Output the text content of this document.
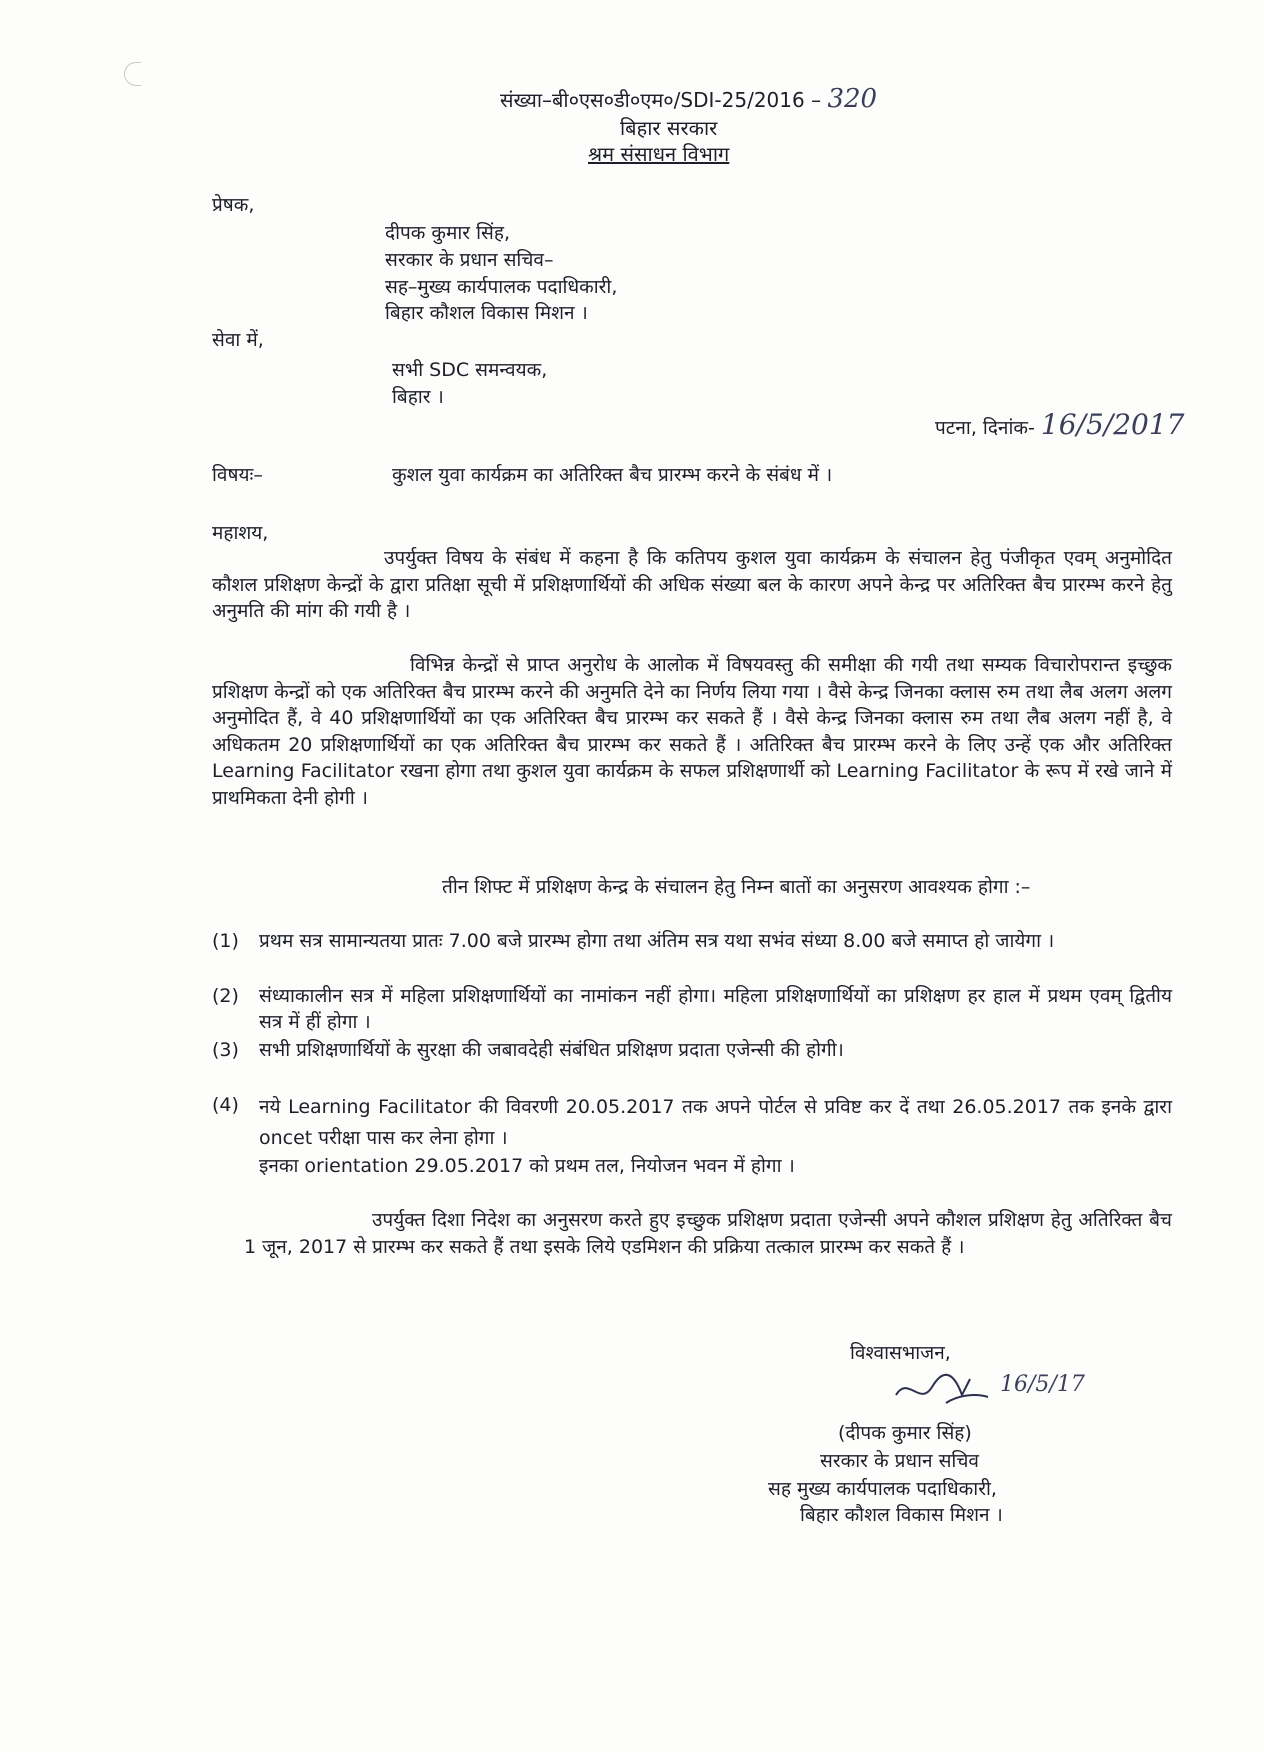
संख्या–बी०एस०डी०एम०/SDI-25/2016 – 320
बिहार सरकार
श्रम संसाधन विभाग
प्रेषक,
दीपक कुमार सिंह,
सरकार के प्रधान सचिव–
सह–मुख्य कार्यपालक पदाधिकारी,
बिहार कौशल विकास मिशन ।
सेवा में,
सभी SDC समन्वयक,
बिहार ।
पटना, दिनांक- 16/5/2017
विषयः–	कुशल युवा कार्यक्रम का अतिरिक्त बैच प्रारम्भ करने के संबंध में ।
महाशय,
उपर्युक्त विषय के संबंध में कहना है कि कतिपय कुशल युवा कार्यक्रम के संचालन हेतु पंजीकृत एवम् अनुमोदित कौशल प्रशिक्षण केन्द्रों के द्वारा प्रतिक्षा सूची में प्रशिक्षणार्थियों की अधिक संख्या बल के कारण अपने केन्द्र पर अतिरिक्त बैच प्रारम्भ करने हेतु अनुमति की मांग की गयी है ।
विभिन्न केन्द्रों से प्राप्त अनुरोध के आलोक में विषयवस्तु की समीक्षा की गयी तथा सम्यक विचारोपरान्त इच्छुक प्रशिक्षण केन्द्रों को एक अतिरिक्त बैच प्रारम्भ करने की अनुमति देने का निर्णय लिया गया । वैसे केन्द्र जिनका क्लास रुम तथा लैब अलग अलग अनुमोदित हैं, वे 40 प्रशिक्षणार्थियों का एक अतिरिक्त बैच प्रारम्भ कर सकते हैं । वैसे केन्द्र जिनका क्लास रुम तथा लैब अलग नहीं है, वे अधिकतम 20 प्रशिक्षणार्थियों का एक अतिरिक्त बैच प्रारम्भ कर सकते हैं । अतिरिक्त बैच प्रारम्भ करने के लिए उन्हें एक और अतिरिक्त Learning Facilitator रखना होगा तथा कुशल युवा कार्यक्रम के सफल प्रशिक्षणार्थी को Learning Facilitator के रूप में रखे जाने में प्राथमिकता देनी होगी ।
तीन शिफ्ट में प्रशिक्षण केन्द्र के संचालन हेतु निम्न बातों का अनुसरण आवश्यक होगा :–
(1) प्रथम सत्र सामान्यतया प्रातः 7.00 बजे प्रारम्भ होगा तथा अंतिम सत्र यथा सभंव संध्या 8.00 बजे समाप्त हो जायेगा ।
(2) संध्याकालीन सत्र में महिला प्रशिक्षणार्थियों का नामांकन नहीं होगा। महिला प्रशिक्षणार्थियों का प्रशिक्षण हर हाल में प्रथम एवम् द्वितीय सत्र में हीं होगा ।
(3) सभी प्रशिक्षणार्थियों के सुरक्षा की जबावदेही संबंधित प्रशिक्षण प्रदाता एजेन्सी की होगी।
(4) नये Learning Facilitator की विवरणी 20.05.2017 तक अपने पोर्टल से प्रविष्ट कर दें तथा 26.05.2017 तक इनके द्वारा oncet परीक्षा पास कर लेना होगा ।
इनका orientation 29.05.2017 को प्रथम तल, नियोजन भवन में होगा ।
उपर्युक्त दिशा निदेश का अनुसरण करते हुए इच्छुक प्रशिक्षण प्रदाता एजेन्सी अपने कौशल प्रशिक्षण हेतु अतिरिक्त बैच 1 जून, 2017 से प्रारम्भ कर सकते हैं तथा इसके लिये एडमिशन की प्रक्रिया तत्काल प्रारम्भ कर सकते हैं ।
विश्वासभाजन,
16/5/17
(दीपक कुमार सिंह)
सरकार के प्रधान सचिव
सह मुख्य कार्यपालक पदाधिकारी,
बिहार कौशल विकास मिशन ।
